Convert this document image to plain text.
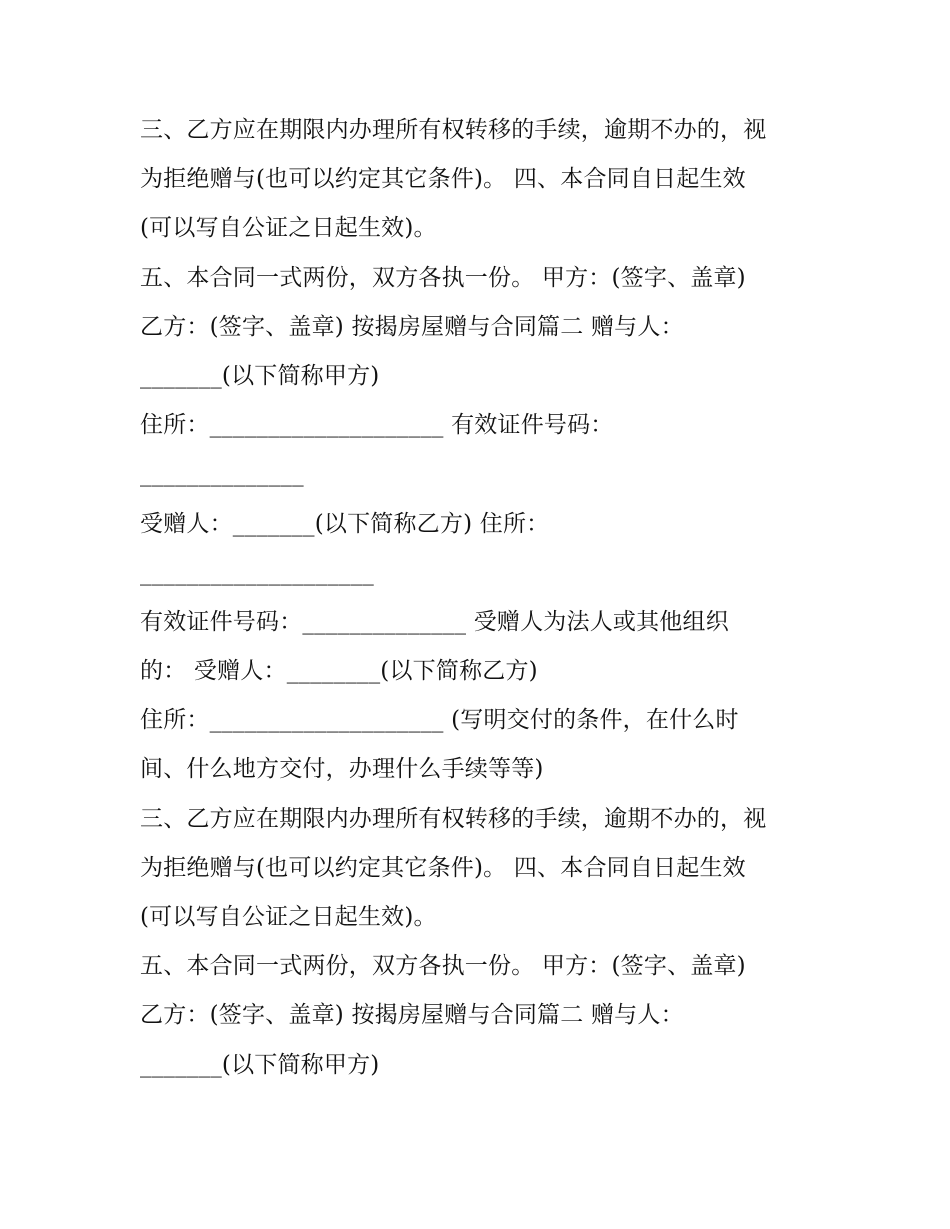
三、乙方应在期限内办理所有权转移的手续，逾期不办的，视
为拒绝赠与(也可以约定其它条件)。 四、本合同自日起生效
(可以写自公证之日起生效)。
五、本合同一式两份，双方各执一份。 甲方：(签字、盖章)
乙方：(签字、盖章) 按揭房屋赠与合同篇二 赠与人：
_______(以下简称甲方)
住所：____________________ 有效证件号码：
______________
受赠人：_______(以下简称乙方) 住所：
____________________
有效证件号码：______________ 受赠人为法人或其他组织
的： 受赠人：________(以下简称乙方)
住所：____________________ (写明交付的条件，在什么时
间、什么地方交付，办理什么手续等等)
三、乙方应在期限内办理所有权转移的手续，逾期不办的，视
为拒绝赠与(也可以约定其它条件)。 四、本合同自日起生效
(可以写自公证之日起生效)。
五、本合同一式两份，双方各执一份。 甲方：(签字、盖章)
乙方：(签字、盖章) 按揭房屋赠与合同篇二 赠与人：
_______(以下简称甲方)
